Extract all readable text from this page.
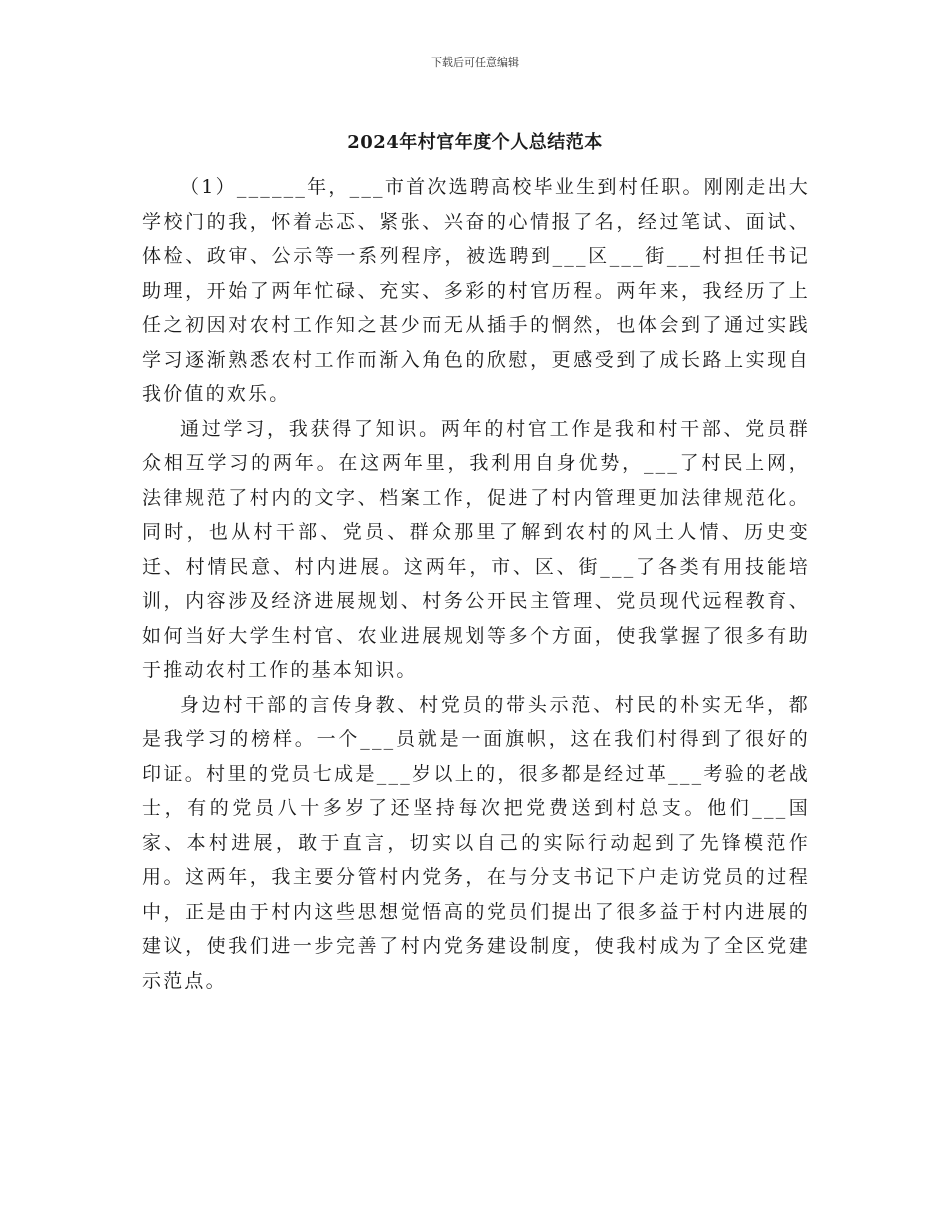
下载后可任意编辑
2024年村官年度个人总结范本

（1）______年，___市首次选聘高校毕业生到村任职。刚刚走出大学校门的我，怀着忐忑、紧张、兴奋的心情报了名，经过笔试、面试、体检、政审、公示等一系列程序，被选聘到___区___街___村担任书记助理，开始了两年忙碌、充实、多彩的村官历程。两年来，我经历了上任之初因对农村工作知之甚少而无从插手的惘然，也体会到了通过实践学习逐渐熟悉农村工作而渐入角色的欣慰，更感受到了成长路上实现自我价值的欢乐。

通过学习，我获得了知识。两年的村官工作是我和村干部、党员群众相互学习的两年。在这两年里，我利用自身优势，___了村民上网，法律规范了村内的文字、档案工作，促进了村内管理更加法律规范化。同时，也从村干部、党员、群众那里了解到农村的风土人情、历史变迁、村情民意、村内进展。这两年，市、区、街___了各类有用技能培训，内容涉及经济进展规划、村务公开民主管理、党员现代远程教育、如何当好大学生村官、农业进展规划等多个方面，使我掌握了很多有助于推动农村工作的基本知识。

身边村干部的言传身教、村党员的带头示范、村民的朴实无华，都是我学习的榜样。一个___员就是一面旗帜，这在我们村得到了很好的印证。村里的党员七成是___岁以上的，很多都是经过革___考验的老战士，有的党员八十多岁了还坚持每次把党费送到村总支。他们___国家、本村进展，敢于直言，切实以自己的实际行动起到了先锋模范作用。这两年，我主要分管村内党务，在与分支书记下户走访党员的过程中，正是由于村内这些思想觉悟高的党员们提出了很多益于村内进展的建议，使我们进一步完善了村内党务建设制度，使我村成为了全区党建示范点。
